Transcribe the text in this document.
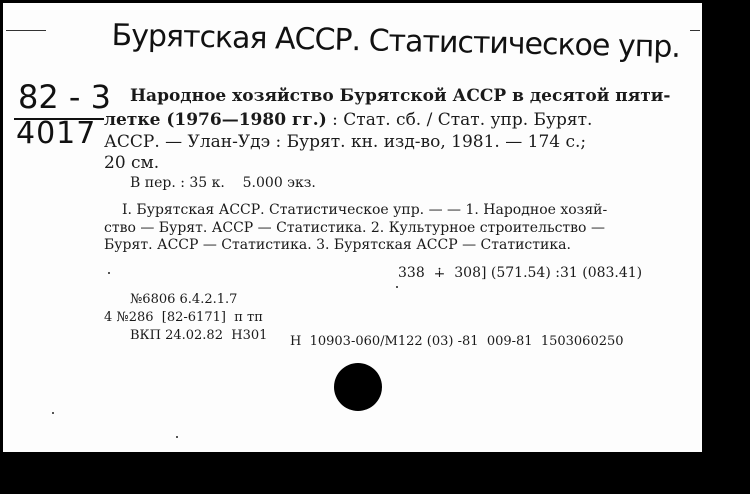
Бурятская АССР. Статистическое упр.
82 - 3
4017
Народное хозяйство Бурятской АССР в десятой пяти-
летке (1976—1980 гг.) : Стат. сб. / Стат. упр. Бурят.
АССР. — Улан-Удэ : Бурят. кн. изд-во, 1981. — 174 с.;
20 см.
В пер. : 35 к.    5.000 экз.
I. Бурятская АССР. Статистическое упр. — — 1. Народное хозяй-
ство — Бурят. АССР — Статистика. 2. Культурное строительство —
Бурят. АССР — Статистика. 3. Бурятская АССР — Статистика.
338  ∔  308] (571.54) :31 (083.41)
№6806 6.4.2.1.7
4 №286  [82-6171]  п тп
ВКП 24.02.82  Н301 Н  10903-060/М122 (03) -81  009-81  1503060250
